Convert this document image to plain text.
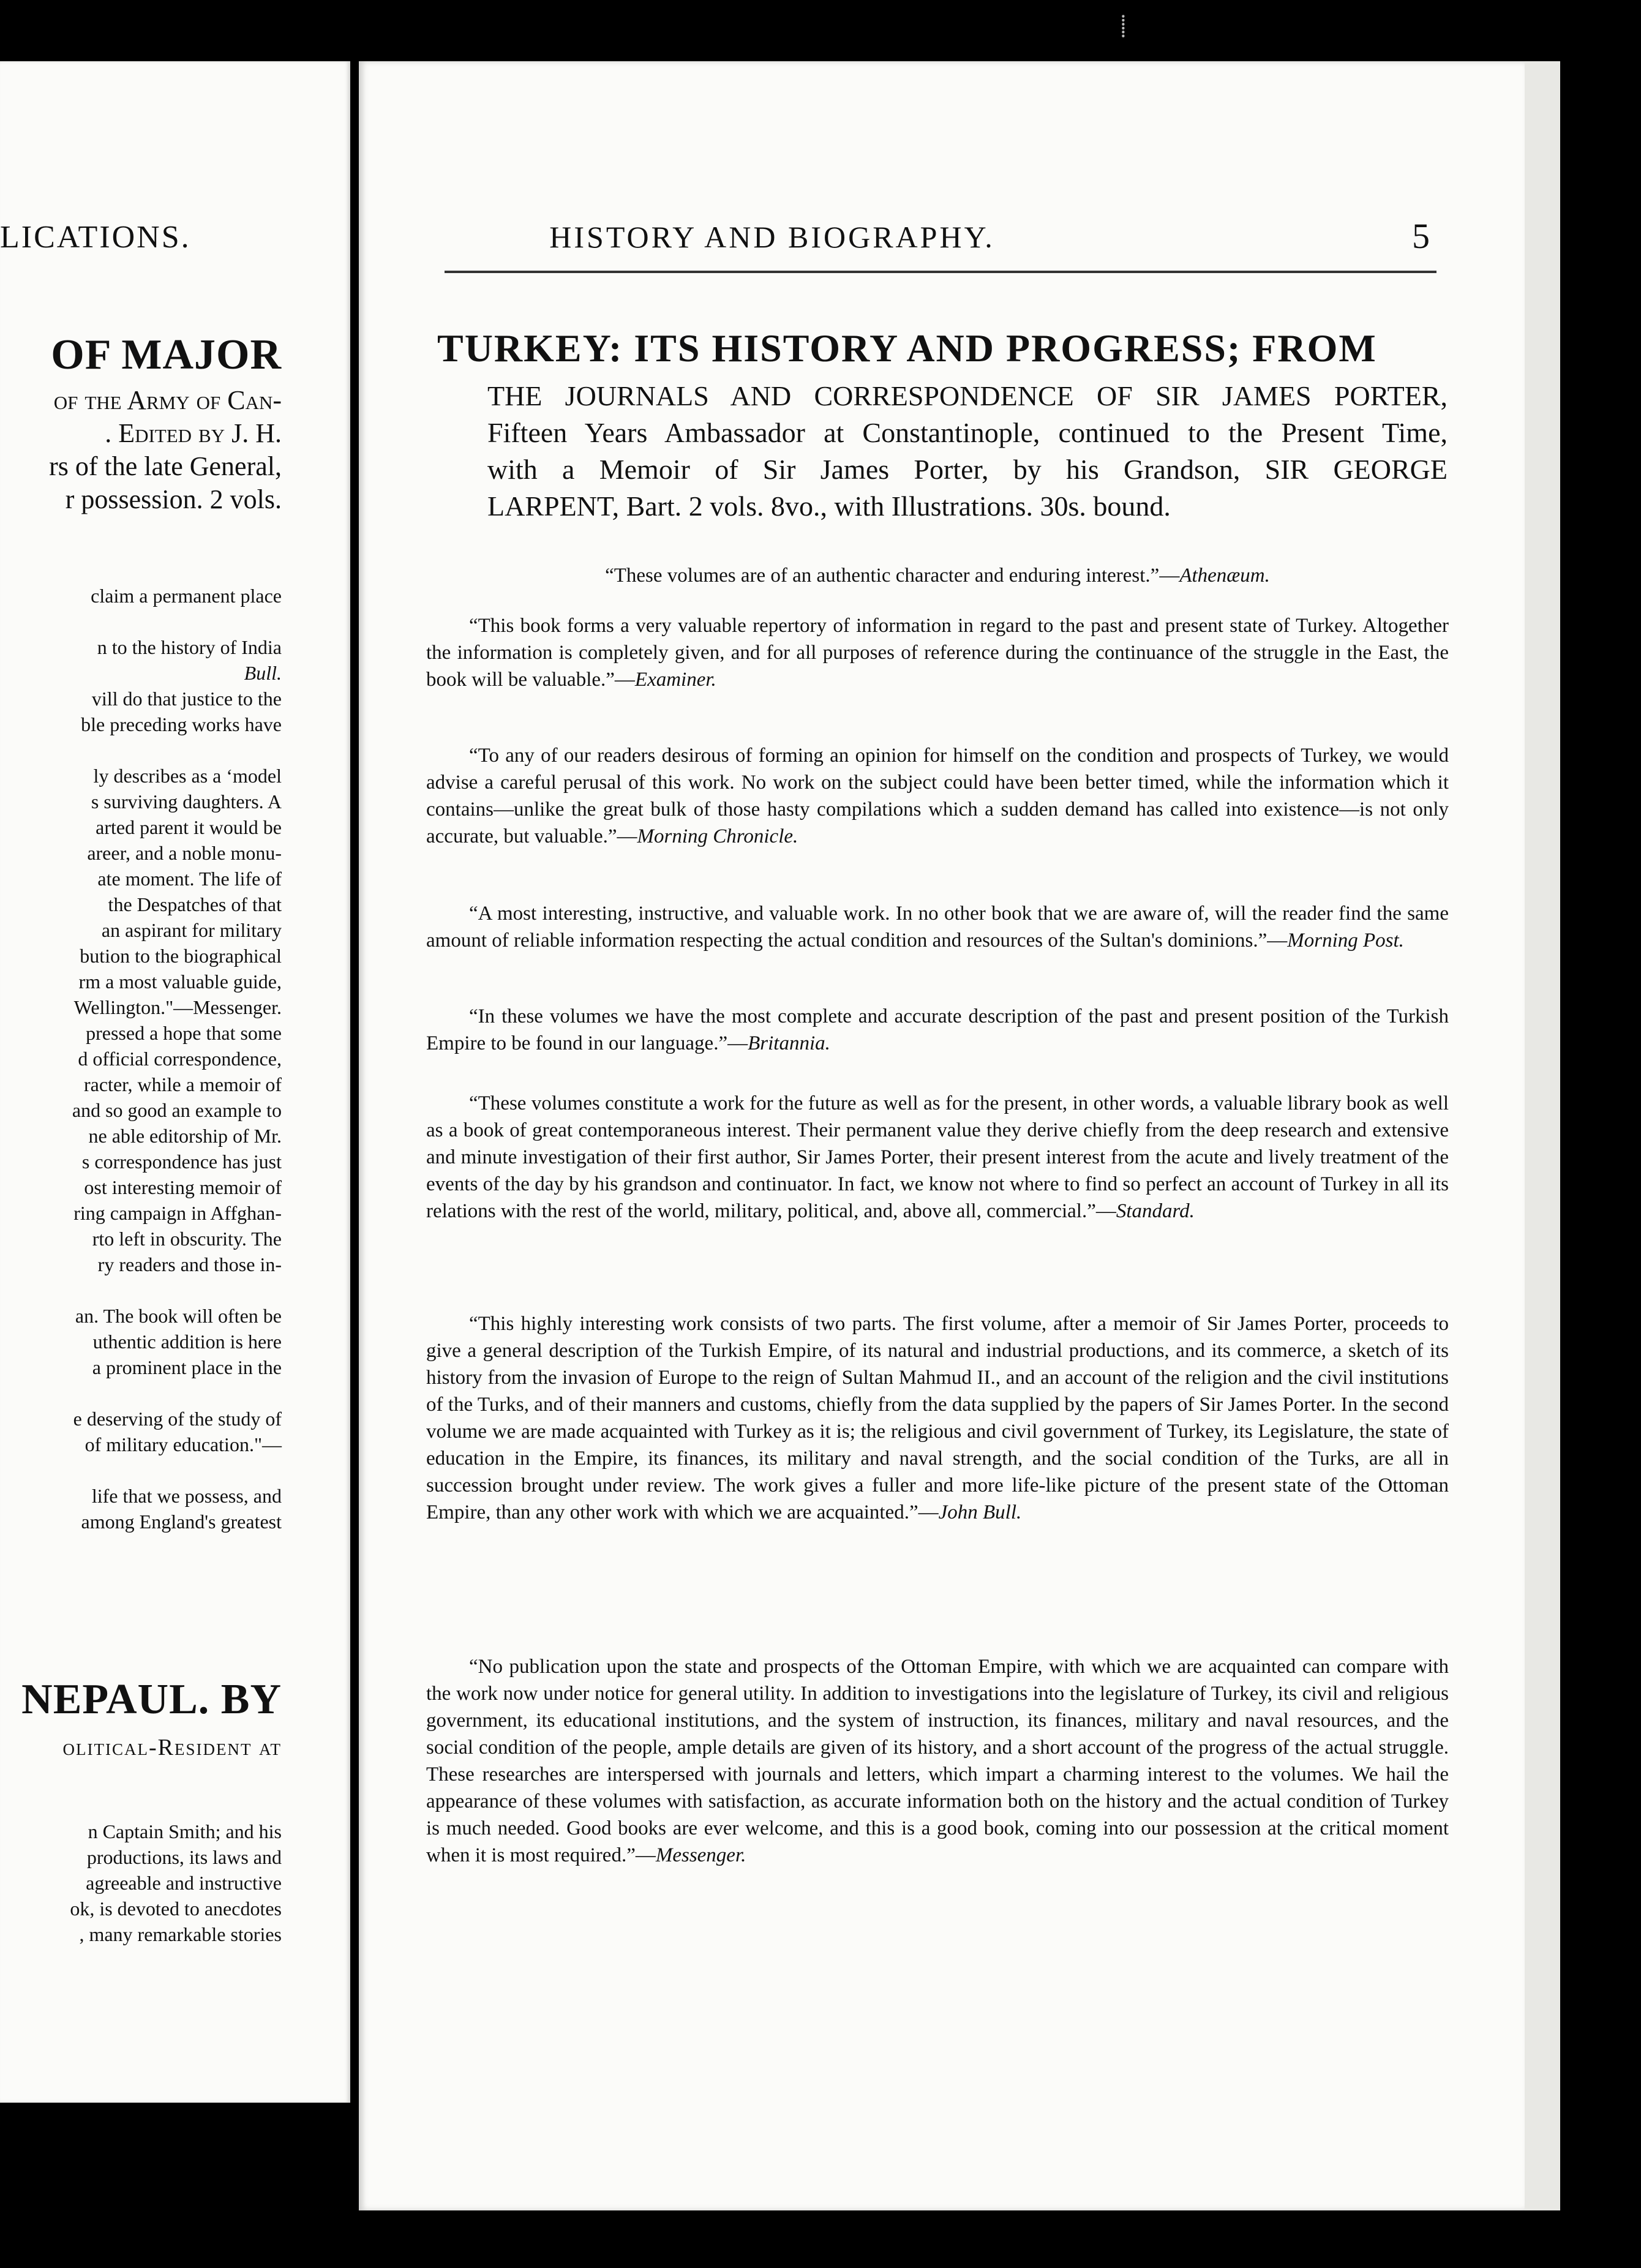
⸽
LICATIONS.
OF MAJOR
of the Army of Can-
. Edited by J. H.
rs of the late General,
r possession. 2 vols.
claim a permanent place

n to the history of India
Bull.
vill do that justice to the
ble preceding works have

ly describes as a ‘model
s surviving daughters. A
arted parent it would be
areer, and a noble monu-
ate moment. The life of
the Despatches of that
an aspirant for military
bution to the biographical
rm a most valuable guide,
Wellington."—Messenger.
pressed a hope that some
d official correspondence,
racter, while a memoir of
and so good an example to
ne able editorship of Mr.
s correspondence has just
ost interesting memoir of
ring campaign in Affghan-
rto left in obscurity. The
ry readers and those in-

an. The book will often be
uthentic addition is here
a prominent place in the

e deserving of the study of
of military education."—

life that we possess, and
among England's greatest
NEPAUL. BY
olitical-Resident at
n Captain Smith; and his
productions, its laws and
agreeable and instructive
ok, is devoted to anecdotes
, many remarkable stories
HISTORY AND BIOGRAPHY.	5
TURKEY: ITS HISTORY AND PROGRESS; FROM
THE JOURNALS AND CORRESPONDENCE OF SIR JAMES PORTER,
Fifteen Years Ambassador at Constantinople, continued to the Present Time,
with a Memoir of Sir James Porter, by his Grandson, SIR GEORGE
LARPENT, Bart. 2 vols. 8vo., with Illustrations. 30s. bound.

“These volumes are of an authentic character and enduring interest.”—Athenæum.

“This book forms a very valuable repertory of information in regard to the past and present state of Turkey. Altogether the information is completely given, and for all purposes of reference during the continuance of the struggle in the East, the book will be valuable.”—Examiner.

“To any of our readers desirous of forming an opinion for himself on the condition and prospects of Turkey, we would advise a careful perusal of this work. No work on the subject could have been better timed, while the information which it contains—unlike the great bulk of those hasty compilations which a sudden demand has called into existence—is not only accurate, but valuable.”—Morning Chronicle.

“A most interesting, instructive, and valuable work. In no other book that we are aware of, will the reader find the same amount of reliable information respecting the actual condition and resources of the Sultan's dominions.”—Morning Post.

“In these volumes we have the most complete and accurate description of the past and present position of the Turkish Empire to be found in our language.”—Britannia.

“These volumes constitute a work for the future as well as for the present, in other words, a valuable library book as well as a book of great contemporaneous interest. Their permanent value they derive chiefly from the deep research and extensive and minute investigation of their first author, Sir James Porter, their present interest from the acute and lively treatment of the events of the day by his grandson and continuator. In fact, we know not where to find so perfect an account of Turkey in all its relations with the rest of the world, military, political, and, above all, commercial.”—Standard.

“This highly interesting work consists of two parts. The first volume, after a memoir of Sir James Porter, proceeds to give a general description of the Turkish Empire, of its natural and industrial productions, and its commerce, a sketch of its history from the invasion of Europe to the reign of Sultan Mahmud II., and an account of the religion and the civil institutions of the Turks, and of their manners and customs, chiefly from the data supplied by the papers of Sir James Porter. In the second volume we are made acquainted with Turkey as it is; the religious and civil government of Turkey, its Legislature, the state of education in the Empire, its finances, its military and naval strength, and the social condition of the Turks, are all in succession brought under review. The work gives a fuller and more life-like picture of the present state of the Ottoman Empire, than any other work with which we are acquainted.”—John Bull.

“No publication upon the state and prospects of the Ottoman Empire, with which we are acquainted can compare with the work now under notice for general utility. In addition to investigations into the legislature of Turkey, its civil and religious government, its educational institutions, and the system of instruction, its finances, military and naval resources, and the social condition of the people, ample details are given of its history, and a short account of the progress of the actual struggle. These researches are interspersed with journals and letters, which impart a charming interest to the volumes. We hail the appearance of these volumes with satisfaction, as accurate information both on the history and the actual condition of Turkey is much needed. Good books are ever welcome, and this is a good book, coming into our possession at the critical moment when it is most required.”—Messenger.
